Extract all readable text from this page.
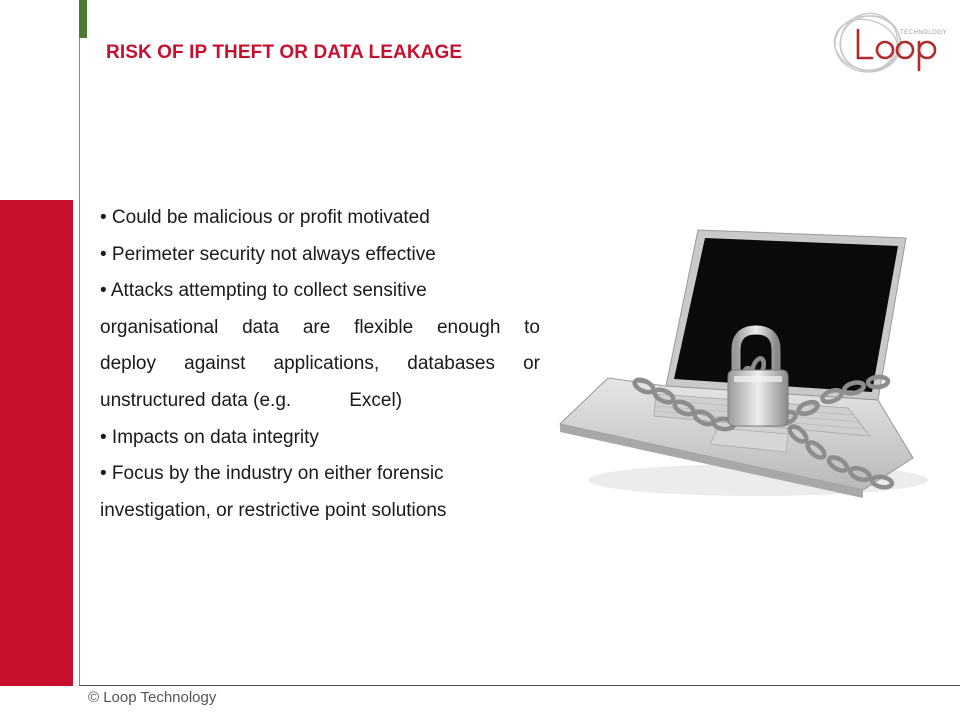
RISK OF IP THEFT OR DATA LEAKAGE
TECHNOLOGY

• Could be malicious or profit motivated

• Perimeter security not always effective

• Attacks attempting to collect sensitive

organisational data are flexible enough to

deploy against applications, databases or

unstructured data (e.g.           Excel)

• Impacts on data integrity

• Focus by the industry on either forensic

investigation, or restrictive point solutions

© Loop Technology
